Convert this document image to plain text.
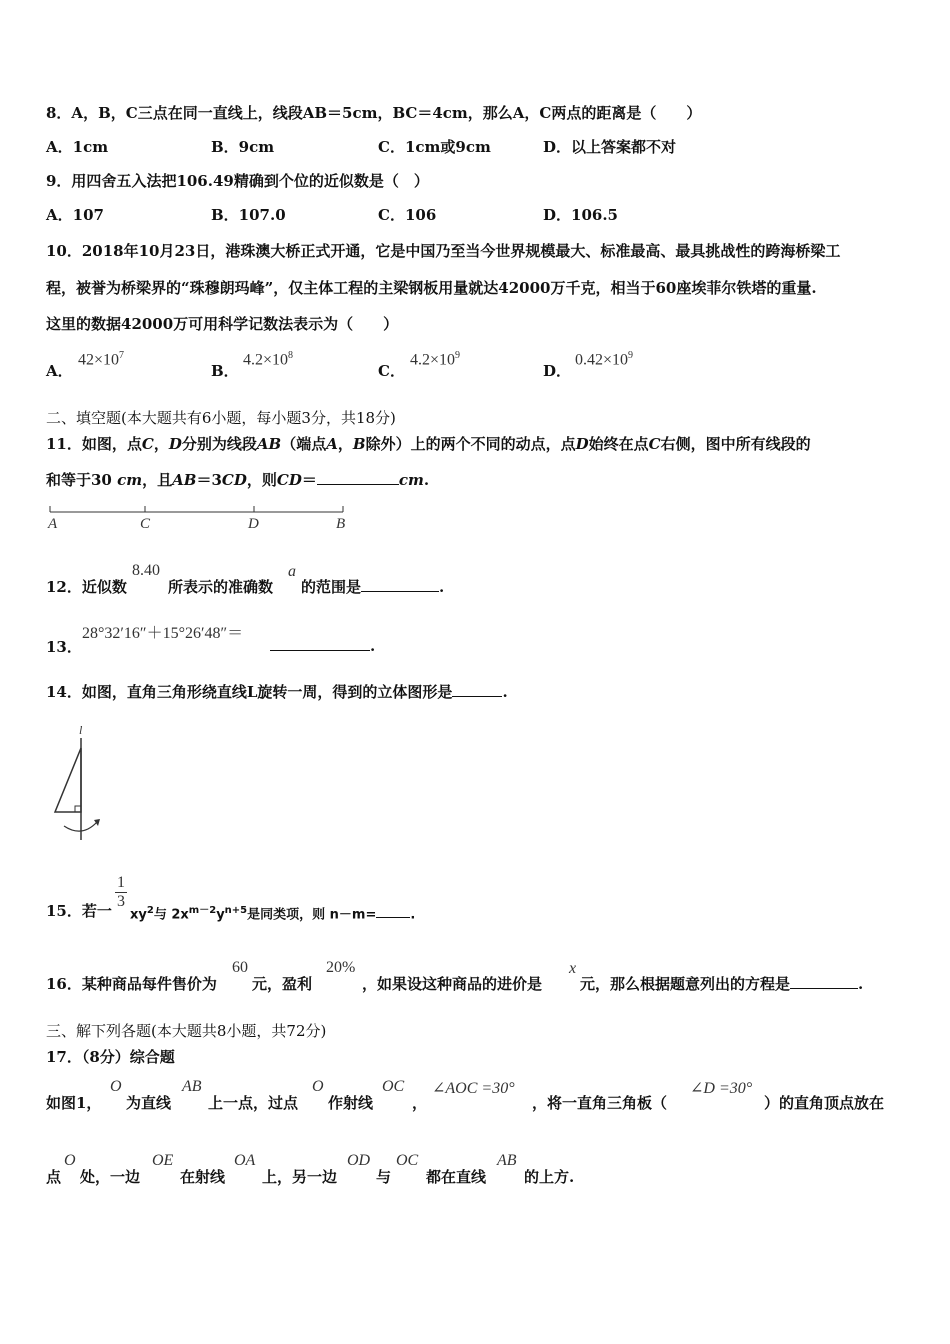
8．A，B，C三点在同一直线上，线段AB＝5cm，BC＝4cm，那么A，C两点的距离是（　　）
A．1cm	B．9cm	C．1cm或9cm	D．以上答案都不对
9．用四舍五入法把106.49精确到个位的近似数是（　）
A．107	B．107.0	C．106	D．106.5
10．2018年10月23日，港珠澳大桥正式开通，它是中国乃至当今世界规模最大、标准最高、最具挑战性的跨海桥梁工
程，被誉为桥梁界的“珠穆朗玛峰”，仅主体工程的主梁钢板用量就达42000万千克，相当于60座埃菲尔铁塔的重量.
这里的数据42000万可用科学记数法表示为（　　）
A．
$42\times 10^7$
B．
$4.2\times 10^8$
C．
$4.2\times 10^9$
D．
$0.42\times 10^9$
二、填空题(本大题共有6小题，每小题3分，共18分)
11．如图，点C，D分别为线段AB（端点A，B除外）上的两个不同的动点，点D始终在点C右侧，图中所有线段的
和等于30 cm，且AB＝3CD，则CD＝	cm.
A	C	D	B
12．近似数
8.40
所表示的准确数
a
的范围是	.
13．
28°32′16″＋15°26′48″＝
.
14．如图，直角三角形绕直线L旋转一周，得到的立体图形是	.
l
15．若一
1
3
$xy^2$与 $2x^{m-2}y^{n+5}$是同类项，则 n－m=	.
16．某种商品每件售价为
60
元，盈利
20%
，如果设这种商品的进价是
x
元，那么根据题意列出的方程是	.
三、解下列各题(本大题共8小题，共72分)
17．（8分）综合题
如图1，
O
为直线
AB
上一点，过点
O
作射线
OC
，
∠AOC =30°
，将一直角三角板（
∠D =30°
）的直角顶点放在
点
O
处，一边
OE
在射线
OA
上，另一边
OD
与
OC
都在直线
AB
的上方.
